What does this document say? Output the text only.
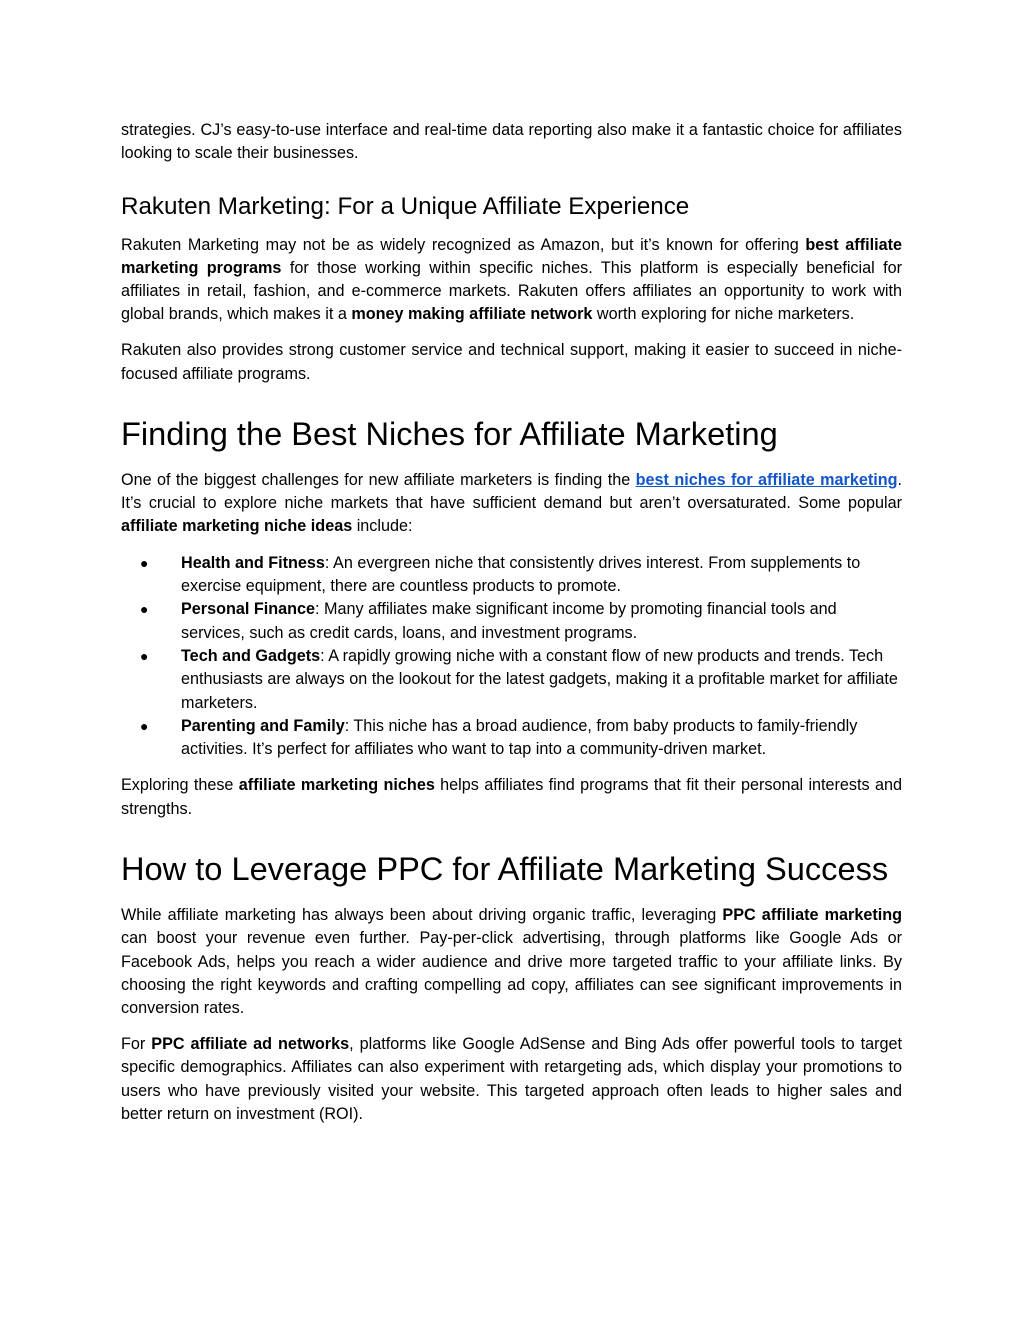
strategies. CJ’s easy-to-use interface and real-time data reporting also make it a fantastic choice for affiliates looking to scale their businesses.

Rakuten Marketing: For a Unique Affiliate Experience

Rakuten Marketing may not be as widely recognized as Amazon, but it’s known for offering best affiliate marketing programs for those working within specific niches. This platform is especially beneficial for affiliates in retail, fashion, and e-commerce markets. Rakuten offers affiliates an opportunity to work with global brands, which makes it a money making affiliate network worth exploring for niche marketers.

Rakuten also provides strong customer service and technical support, making it easier to succeed in niche-focused affiliate programs.

Finding the Best Niches for Affiliate Marketing

One of the biggest challenges for new affiliate marketers is finding the best niches for affiliate marketing. It’s crucial to explore niche markets that have sufficient demand but aren’t oversaturated. Some popular affiliate marketing niche ideas include:

● Health and Fitness: An evergreen niche that consistently drives interest. From supplements to exercise equipment, there are countless products to promote.
● Personal Finance: Many affiliates make significant income by promoting financial tools and services, such as credit cards, loans, and investment programs.
● Tech and Gadgets: A rapidly growing niche with a constant flow of new products and trends. Tech enthusiasts are always on the lookout for the latest gadgets, making it a profitable market for affiliate marketers.
● Parenting and Family: This niche has a broad audience, from baby products to family-friendly activities. It’s perfect for affiliates who want to tap into a community-driven market.

Exploring these affiliate marketing niches helps affiliates find programs that fit their personal interests and strengths.

How to Leverage PPC for Affiliate Marketing Success

While affiliate marketing has always been about driving organic traffic, leveraging PPC affiliate marketing can boost your revenue even further. Pay-per-click advertising, through platforms like Google Ads or Facebook Ads, helps you reach a wider audience and drive more targeted traffic to your affiliate links. By choosing the right keywords and crafting compelling ad copy, affiliates can see significant improvements in conversion rates.

For PPC affiliate ad networks, platforms like Google AdSense and Bing Ads offer powerful tools to target specific demographics. Affiliates can also experiment with retargeting ads, which display your promotions to users who have previously visited your website. This targeted approach often leads to higher sales and better return on investment (ROI).
